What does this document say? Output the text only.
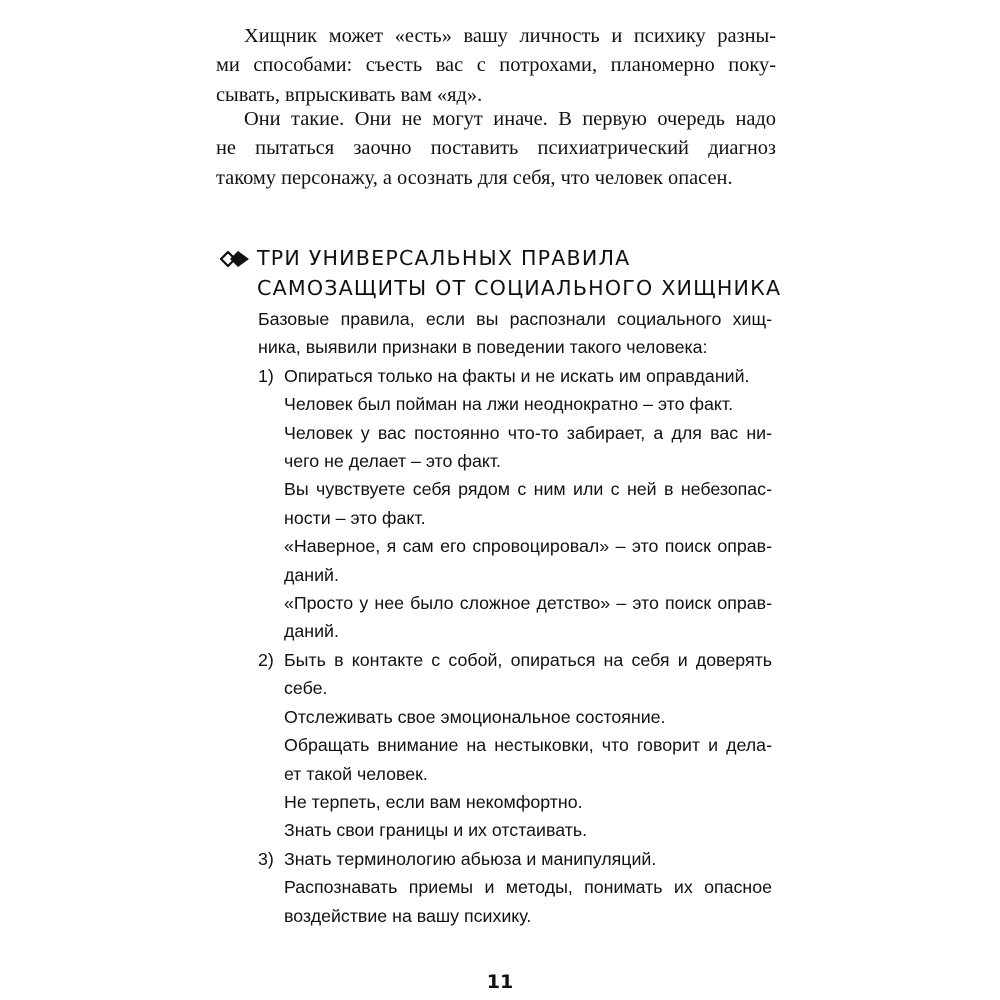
Хищник может «есть» вашу личность и психику разны-
ми способами: съесть вас с потрохами, планомерно поку-
сывать, впрыскивать вам «яд».
Они такие. Они не могут иначе. В первую очередь надо
не пытаться заочно поставить психиатрический диагноз
такому персонажу, а осознать для себя, что человек опасен.
ТРИ УНИВЕРСАЛЬНЫХ ПРАВИЛА
САМОЗАЩИТЫ ОТ СОЦИАЛЬНОГО ХИЩНИКА
Базовые правила, если вы распознали социального хищ-
ника, выявили признаки в поведении такого человека:
1) Опираться только на факты и не искать им оправданий.
Человек был пойман на лжи неоднократно – это факт.
Человек у вас постоянно что-то забирает, а для вас ни-
чего не делает – это факт.
Вы чувствуете себя рядом с ним или с ней в небезопас-
ности – это факт.
«Наверное, я сам его спровоцировал» – это поиск оправ-
даний.
«Просто у нее было сложное детство» – это поиск оправ-
даний.
2) Быть в контакте с собой, опираться на себя и доверять
себе.
Отслеживать свое эмоциональное состояние.
Обращать внимание на нестыковки, что говорит и дела-
ет такой человек.
Не терпеть, если вам некомфортно.
Знать свои границы и их отстаивать.
3) Знать терминологию абьюза и манипуляций.
Распознавать приемы и методы, понимать их опасное
воздействие на вашу психику.
11
